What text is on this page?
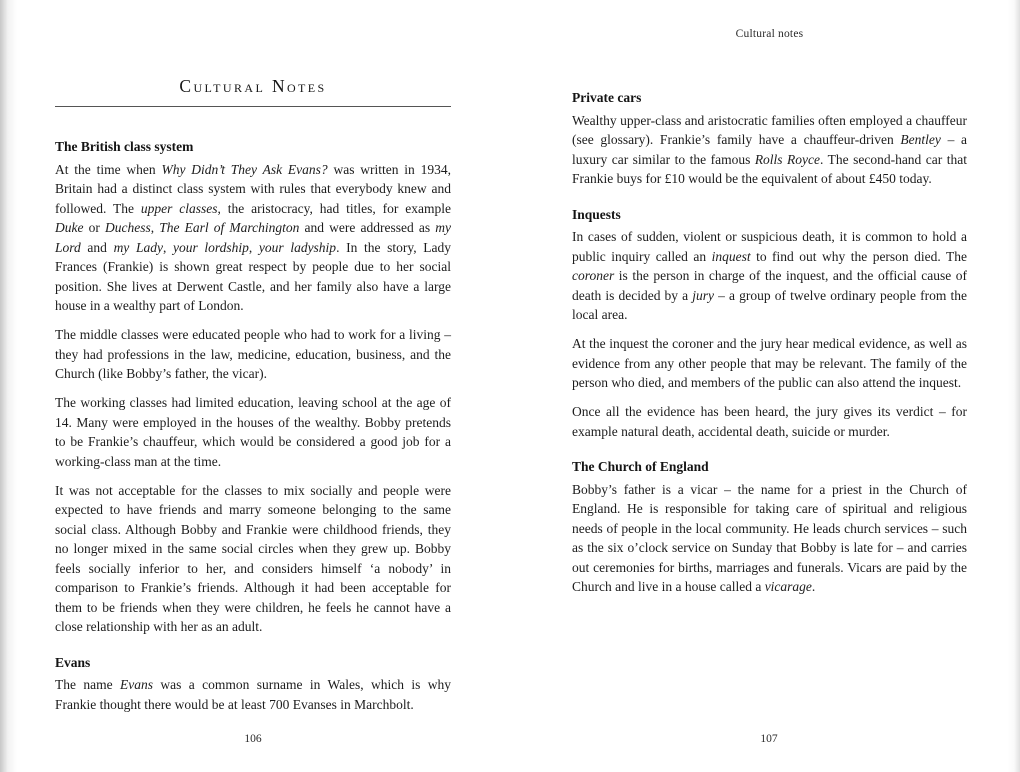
Cultural notes
Cultural Notes
The British class system

At the time when Why Didn’t They Ask Evans? was written in 1934, Britain had a distinct class system with rules that everybody knew and followed. The upper classes, the aristocracy, had titles, for example Duke or Duchess, The Earl of Marchington and were addressed as my Lord and my Lady, your lordship, your ladyship. In the story, Lady Frances (Frankie) is shown great respect by people due to her social position. She lives at Derwent Castle, and her family also have a large house in a wealthy part of London.

The middle classes were educated people who had to work for a living – they had professions in the law, medicine, education, business, and the Church (like Bobby’s father, the vicar).

The working classes had limited education, leaving school at the age of 14. Many were employed in the houses of the wealthy. Bobby pretends to be Frankie’s chauffeur, which would be considered a good job for a working-class man at the time.

It was not acceptable for the classes to mix socially and people were expected to have friends and marry someone belonging to the same social class. Although Bobby and Frankie were childhood friends, they no longer mixed in the same social circles when they grew up. Bobby feels socially inferior to her, and considers himself ‘a nobody’ in comparison to Frankie’s friends. Although it had been acceptable for them to be friends when they were children, he feels he cannot have a close relationship with her as an adult.

Evans

The name Evans was a common surname in Wales, which is why Frankie thought there would be at least 700 Evanses in Marchbolt.

Private cars

Wealthy upper-class and aristocratic families often employed a chauffeur (see glossary). Frankie’s family have a chauffeur-driven Bentley – a luxury car similar to the famous Rolls Royce. The second-hand car that Frankie buys for £10 would be the equivalent of about £450 today.

Inquests

In cases of sudden, violent or suspicious death, it is common to hold a public inquiry called an inquest to find out why the person died. The coroner is the person in charge of the inquest, and the official cause of death is decided by a jury – a group of twelve ordinary people from the local area.

At the inquest the coroner and the jury hear medical evidence, as well as evidence from any other people that may be relevant. The family of the person who died, and members of the public can also attend the inquest.

Once all the evidence has been heard, the jury gives its verdict – for example natural death, accidental death, suicide or murder.

The Church of England

Bobby’s father is a vicar – the name for a priest in the Church of England. He is responsible for taking care of spiritual and religious needs of people in the local community. He leads church services – such as the six o’clock service on Sunday that Bobby is late for – and carries out ceremonies for births, marriages and funerals. Vicars are paid by the Church and live in a house called a vicarage.

106	107
